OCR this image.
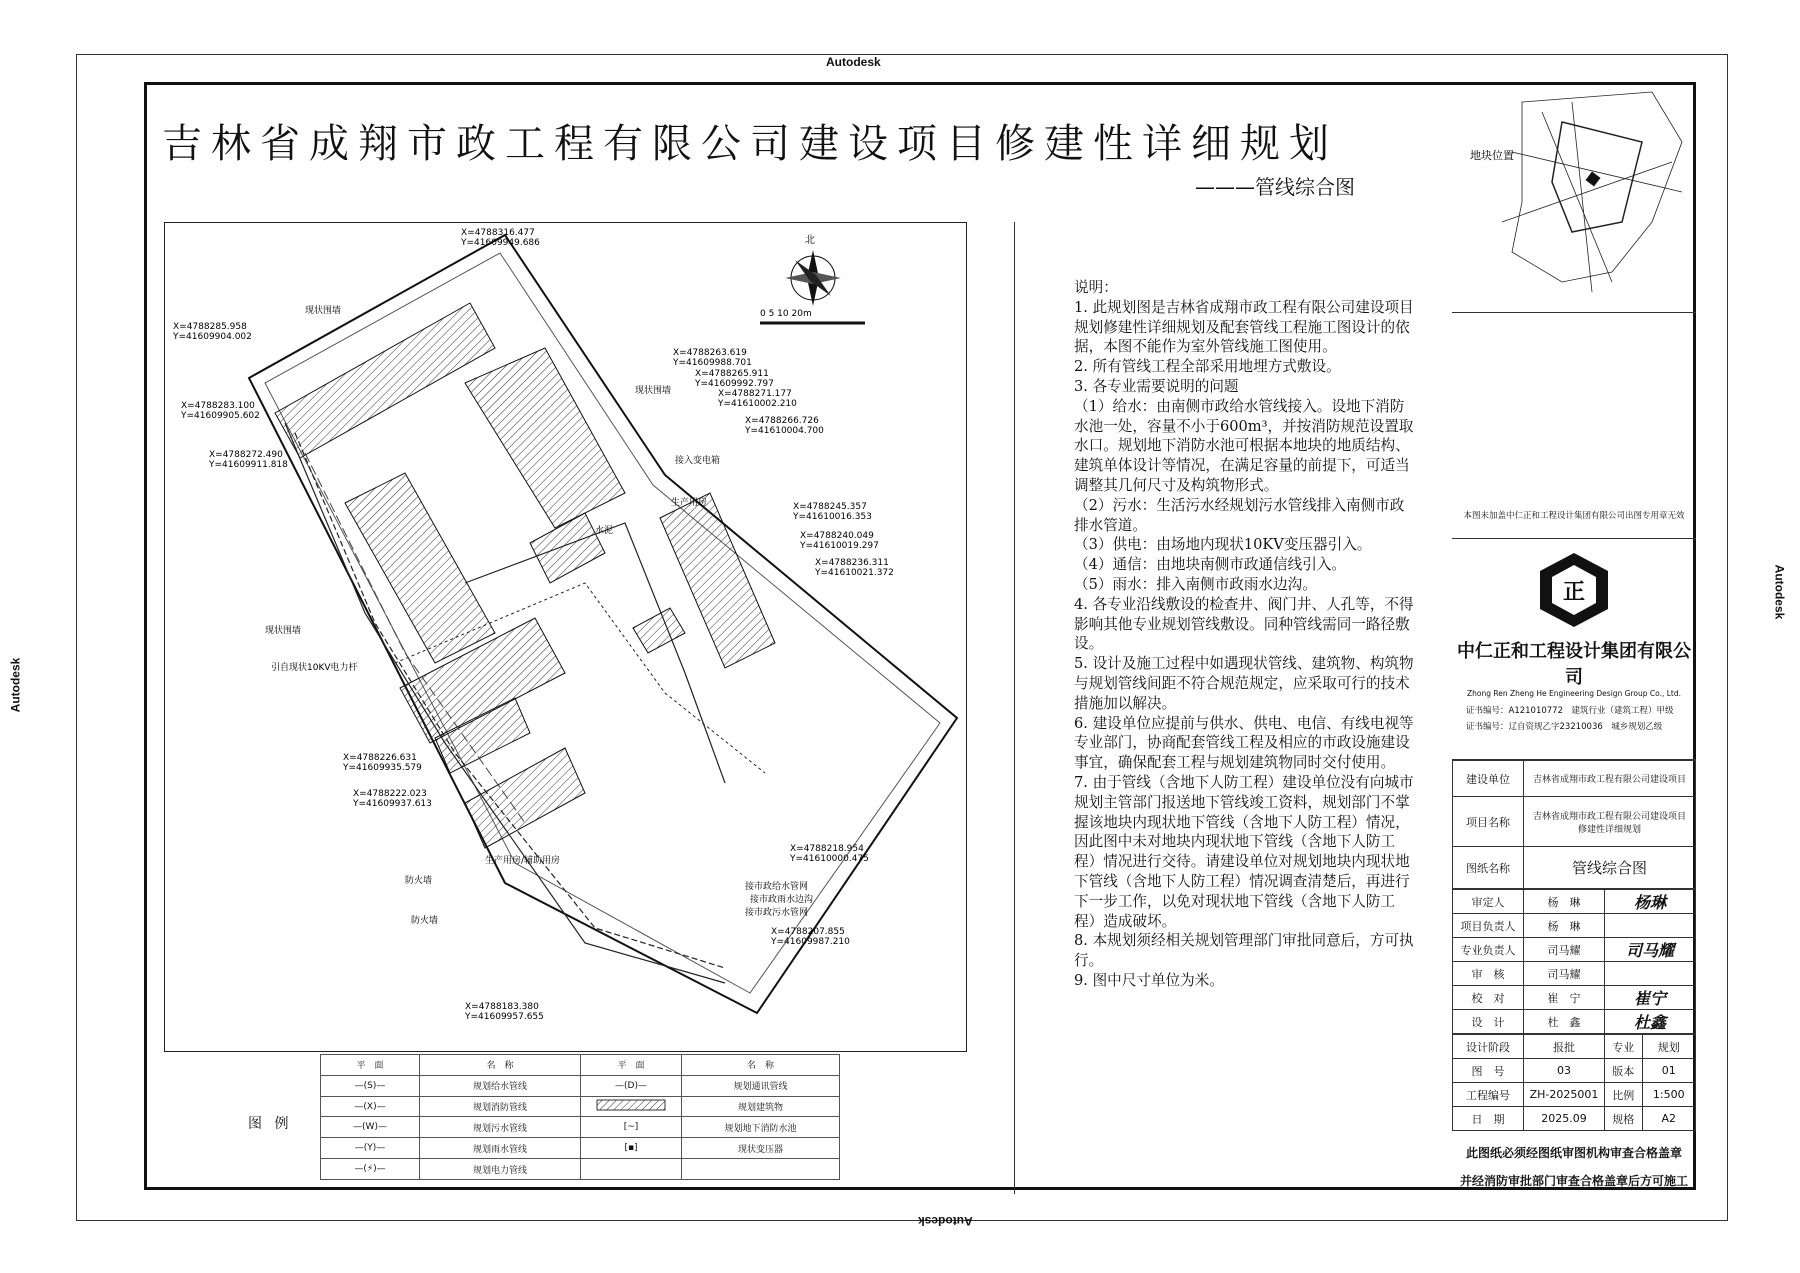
Autodesk
Autodesk
Autodesk
Autodesk
吉林省成翔市政工程有限公司建设项目修建性详细规划
———管线综合图
0 5 10 20m
北
X=4788316.477
Y=41609949.686
X=4788285.958
Y=41609904.002
X=4788283.100
Y=41609905.602
X=4788272.490
Y=41609911.818
X=4788263.619
Y=41609988.701
X=4788265.911
Y=41609992.797
X=4788271.177
Y=41610002.210
X=4788266.726
Y=41610004.700
X=4788245.357
Y=41610016.353
X=4788240.049
Y=41610019.297
X=4788236.311
Y=41610021.372
X=4788226.631
Y=41609935.579
X=4788222.023
Y=41609937.613
X=4788218.954
Y=41610000.475
X=4788207.855
Y=41609987.210
X=4788183.380
Y=41609957.655
现状围墙
现状围墙
现状围墙
引自现状10KV电力杆
生产用房/辅助用房
生产用房
水泥
接市政给水管网
接市政雨水边沟
接市政污水管网
防火墙
防火墙
接入变电箱

说明：

1. 此规划图是吉林省成翔市政工程有限公司建设项目规划修建性详细规划及配套管线工程施工图设计的依据，本图不能作为室外管线施工图使用。

2. 所有管线工程全部采用地埋方式敷设。

3. 各专业需要说明的问题

（1）给水：由南侧市政给水管线接入。设地下消防水池一处，容量不小于600m³，并按消防规范设置取水口。规划地下消防水池可根据本地块的地质结构、建筑单体设计等情况，在满足容量的前提下，可适当调整其几何尺寸及构筑物形式。

（2）污水：生活污水经规划污水管线排入南侧市政排水管道。

（3）供电：由场地内现状10KV变压器引入。

（4）通信：由地块南侧市政通信线引入。

（5）雨水：排入南侧市政雨水边沟。

4. 各专业沿线敷设的检查井、阀门井、人孔等，不得影响其他专业规划管线敷设。同种管线需同一路径敷设。

5. 设计及施工过程中如遇现状管线、建筑物、构筑物与规划管线间距不符合规范规定，应采取可行的技术措施加以解决。

6. 建设单位应提前与供水、供电、电信、有线电视等专业部门，协商配套管线工程及相应的市政设施建设事宜，确保配套工程与规划建筑物同时交付使用。

7. 由于管线（含地下人防工程）建设单位没有向城市规划主管部门报送地下管线竣工资料，规划部门不掌握该地块内现状地下管线（含地下人防工程）情况，因此图中未对地块内现状地下管线（含地下人防工程）情况进行交待。请建设单位对规划地块内现状地下管线（含地下人防工程）情况调查清楚后，再进行下一步工作，以免对现状地下管线（含地下人防工程）造成破坏。

8. 本规划须经相关规划管理部门审批同意后，方可执行。

9. 图中尺寸单位为米。

图 例
平　面	名　称	平　面	名　称
—(S)—	规划给水管线	—(D)—	规划通讯管线
—(X)—	规划消防管线		规划建筑物
—(W)—	规划污水管线	[~]	规划地下消防水池
—(Y)—	规划雨水管线	[▪]	现状变压器
—(⚡)—	规划电力管线		
地块位置
本图未加盖中仁正和工程设计集团有限公司出图专用章无效
正
中仁正和工程设计集团有限公司
Zhong Ren Zheng He Engineering Design Group Co., Ltd.
证书编号：A121010772　建筑行业（建筑工程）甲级
证书编号：辽自资规乙字23210036　城乡规划乙级
建设单位	吉林省成翔市政工程有限公司建设项目
项目名称	吉林省成翔市政工程有限公司建设项目修建性详细规划
图纸名称	管线综合图
审定人	杨　琳	杨琳
项目负责人	杨　琳	
专业负责人	司马耀	司马耀
审　核	司马耀	
校　对	崔　宁	崔宁
设　计	杜　鑫	杜鑫
设计阶段	报批	专业	规划
图　号	03	版本	01
工程编号	ZH-2025001	比例	1:500
日　期	2025.09	规格	A2
此图纸必须经图纸审图机构审查合格盖章
并经消防审批部门审查合格盖章后方可施工
